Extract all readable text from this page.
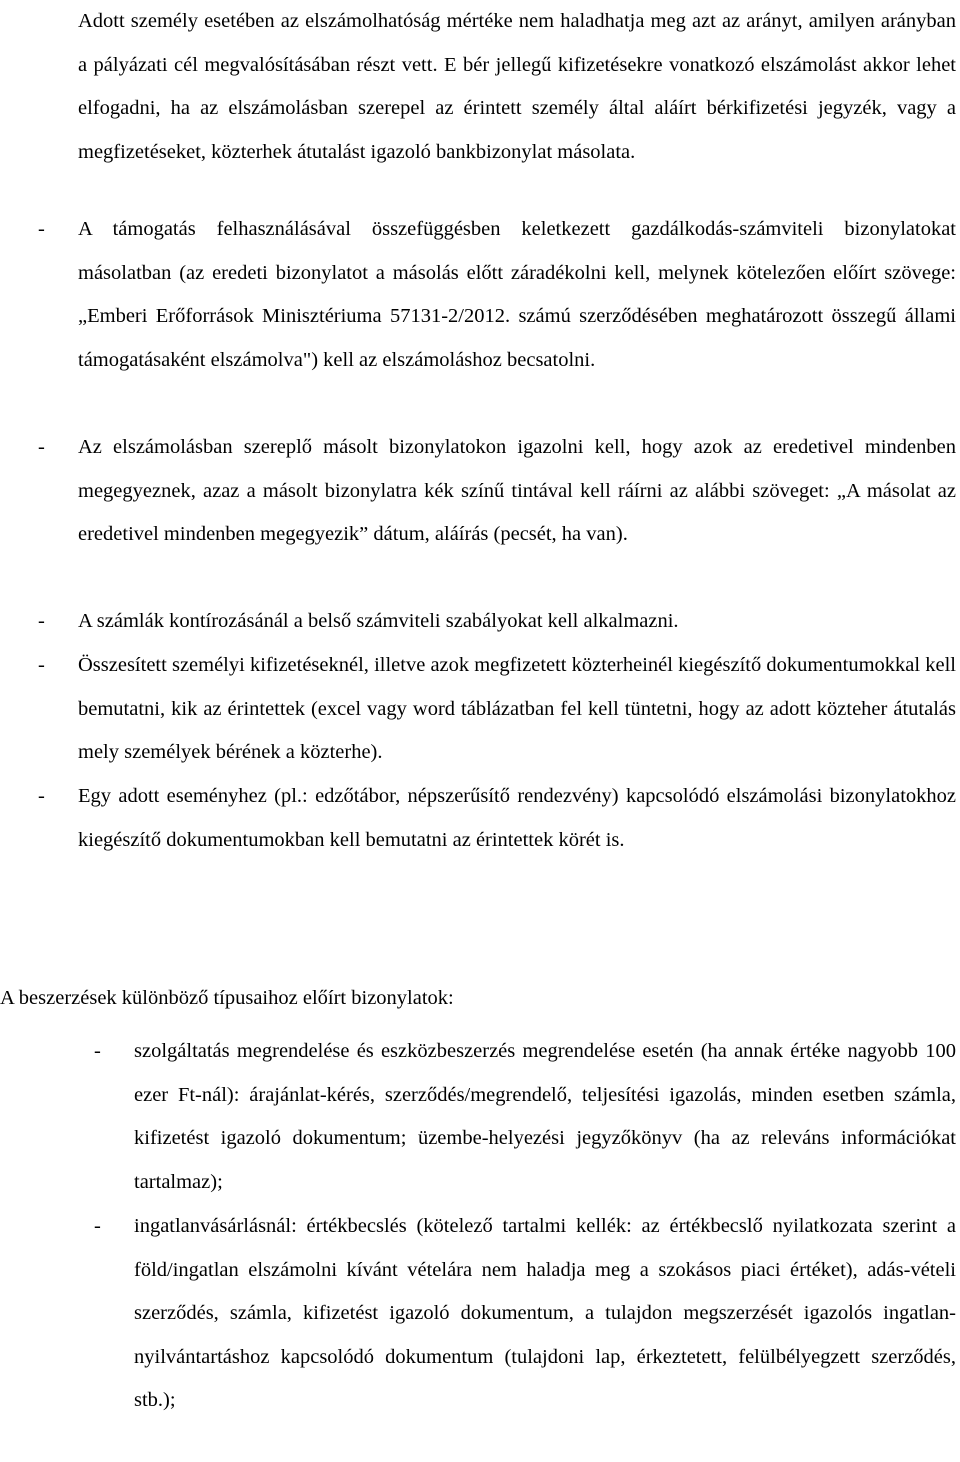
Adott személy esetében az elszámolhatóság mértéke nem haladhatja meg azt az arányt, amilyen arányban a pályázati cél megvalósításában részt vett. E bér jellegű kifizetésekre vonatkozó elszámolást akkor lehet elfogadni, ha az elszámolásban szerepel az érintett személy által aláírt bérkifizetési jegyzék, vagy a megfizetéseket, közterhek átutalást igazoló bankbizonylat másolata.

- A támogatás felhasználásával összefüggésben keletkezett gazdálkodás-számviteli bizonylatokat másolatban (az eredeti bizonylatot a másolás előtt záradékolni kell, melynek kötelezően előírt szövege: „Emberi Erőforrások Minisztériuma 57131-2/2012. számú szerződésében meghatározott összegű állami támogatásaként elszámolva") kell az elszámoláshoz becsatolni.
- Az elszámolásban szereplő másolt bizonylatokon igazolni kell, hogy azok az eredetivel mindenben megegyeznek, azaz a másolt bizonylatra kék színű tintával kell ráírni az alábbi szöveget: „A másolat az eredetivel mindenben megegyezik” dátum, aláírás (pecsét, ha van).
- A számlák kontírozásánál a belső számviteli szabályokat kell alkalmazni.
- Összesített személyi kifizetéseknél, illetve azok megfizetett közterheinél kiegészítő dokumentumokkal kell bemutatni, kik az érintettek (excel vagy word táblázatban fel kell tüntetni, hogy az adott közteher átutalás mely személyek bérének a közterhe).
- Egy adott eseményhez (pl.: edzőtábor, népszerűsítő rendezvény) kapcsolódó elszámolási bizonylatokhoz kiegészítő dokumentumokban kell bemutatni az érintettek körét is.

A beszerzések különböző típusaihoz előírt bizonylatok:

- szolgáltatás megrendelése és eszközbeszerzés megrendelése esetén (ha annak értéke nagyobb 100 ezer Ft-nál): árajánlat-kérés, szerződés/megrendelő, teljesítési igazolás, minden esetben számla, kifizetést igazoló dokumentum; üzembe-helyezési jegyzőkönyv (ha az releváns információkat tartalmaz);
- ingatlanvásárlásnál: értékbecslés (kötelező tartalmi kellék: az értékbecslő nyilatkozata szerint a föld/ingatlan elszámolni kívánt vételára nem haladja meg a szokásos piaci értéket), adás-vételi szerződés, számla, kifizetést igazoló dokumentum, a tulajdon megszerzését igazolós ingatlan-nyilvántartáshoz kapcsolódó dokumentum (tulajdoni lap, érkeztetett, felülbélyegzett szerződés, stb.);
